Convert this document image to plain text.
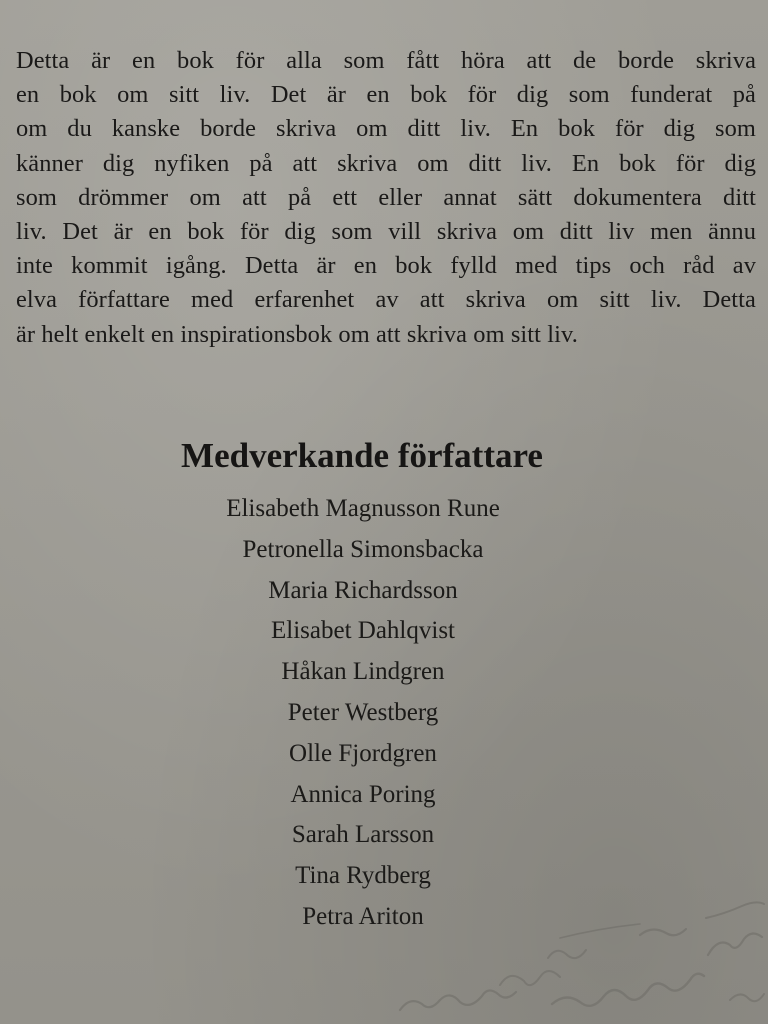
Detta är en bok för alla som fått höra att de borde skriva
en bok om sitt liv. Det är en bok för dig som funderat på
om du kanske borde skriva om ditt liv. En bok för dig som
känner dig nyfiken på att skriva om ditt liv. En bok för dig
som drömmer om att på ett eller annat sätt dokumentera ditt
liv. Det är en bok för dig som vill skriva om ditt liv men ännu
inte kommit igång. Detta är en bok fylld med tips och råd av
elva författare med erfarenhet av att skriva om sitt liv. Detta
är helt enkelt en inspirationsbok om att skriva om sitt liv.

Medverkande författare
Elisabeth Magnusson Rune
Petronella Simonsbacka
Maria Richardsson
Elisabet Dahlqvist
Håkan Lindgren
Peter Westberg
Olle Fjordgren
Annica Poring
Sarah Larsson
Tina Rydberg
Petra Ariton
